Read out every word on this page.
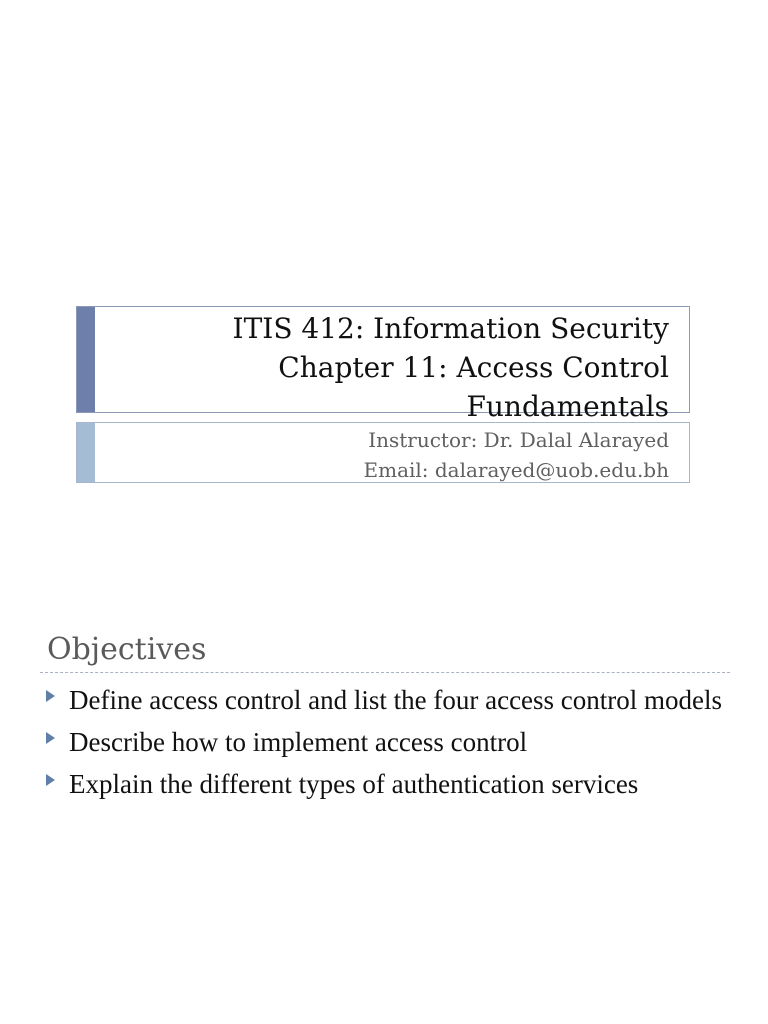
ITIS 412: Information Security
Chapter 11: Access Control
Fundamentals
Instructor: Dr. Dalal Alarayed
Email: dalarayed@uob.edu.bh
Objectives
Define access control and list the four access control models
Describe how to implement access control
Explain the different types of authentication services
